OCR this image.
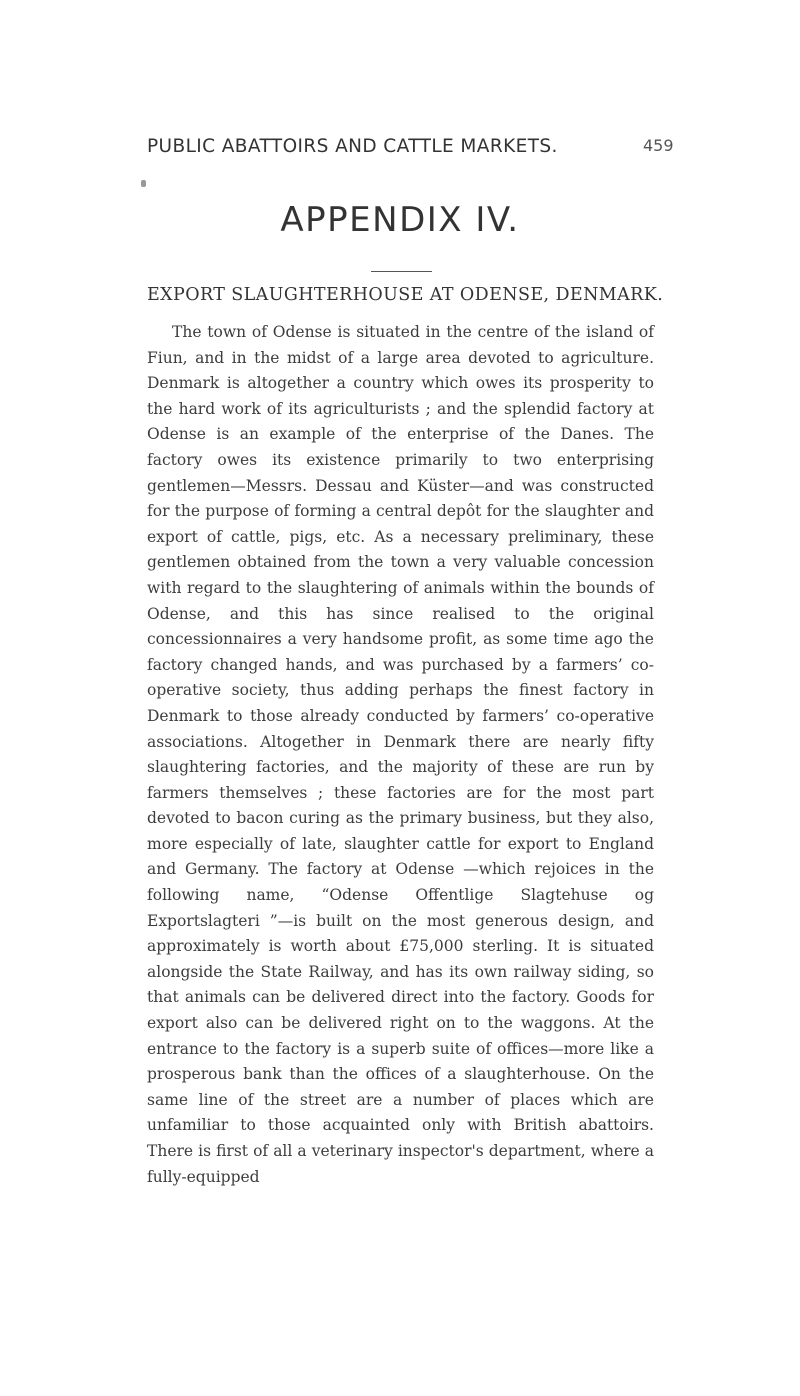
PUBLIC ABATTOIRS AND CATTLE MARKETS.	459
APPENDIX IV.
EXPORT SLAUGHTERHOUSE AT ODENSE, DENMARK.

The town of Odense is situated in the centre of the island of Fiun, and in the midst of a large area devoted to agriculture. Denmark is altogether a country which owes its prosperity to the hard work of its agriculturists ; and the splendid factory at Odense is an example of the enterprise of the Danes. The factory owes its existence primarily to two enterprising gentlemen—Messrs. Dessau and Küster—and was constructed for the purpose of forming a central depôt for the slaughter and export of cattle, pigs, etc. As a necessary preliminary, these gentlemen obtained from the town a very valuable concession with regard to the slaughtering of animals within the bounds of Odense, and this has since realised to the original concessionnaires a very handsome profit, as some time ago the factory changed hands, and was purchased by a farmers’ co-operative society, thus adding perhaps the finest factory in Denmark to those already conducted by farmers’ co-operative associations. Altogether in Denmark there are nearly fifty slaughtering factories, and the majority of these are run by farmers themselves ; these factories are for the most part devoted to bacon curing as the primary business, but they also, more especially of late, slaughter cattle for export to England and Germany. The factory at Odense —which rejoices in the following name, “Odense Offentlige Slagtehuse og Exportslagteri ”—is built on the most generous design, and approximately is worth about £75,000 sterling. It is situated alongside the State Railway, and has its own railway siding, so that animals can be delivered direct into the factory. Goods for export also can be delivered right on to the waggons. At the entrance to the factory is a superb suite of offices—more like a prosperous bank than the offices of a slaughterhouse. On the same line of the street are a number of places which are unfamiliar to those acquainted only with British abattoirs. There is first of all a veterinary inspector's department, where a fully-equipped
